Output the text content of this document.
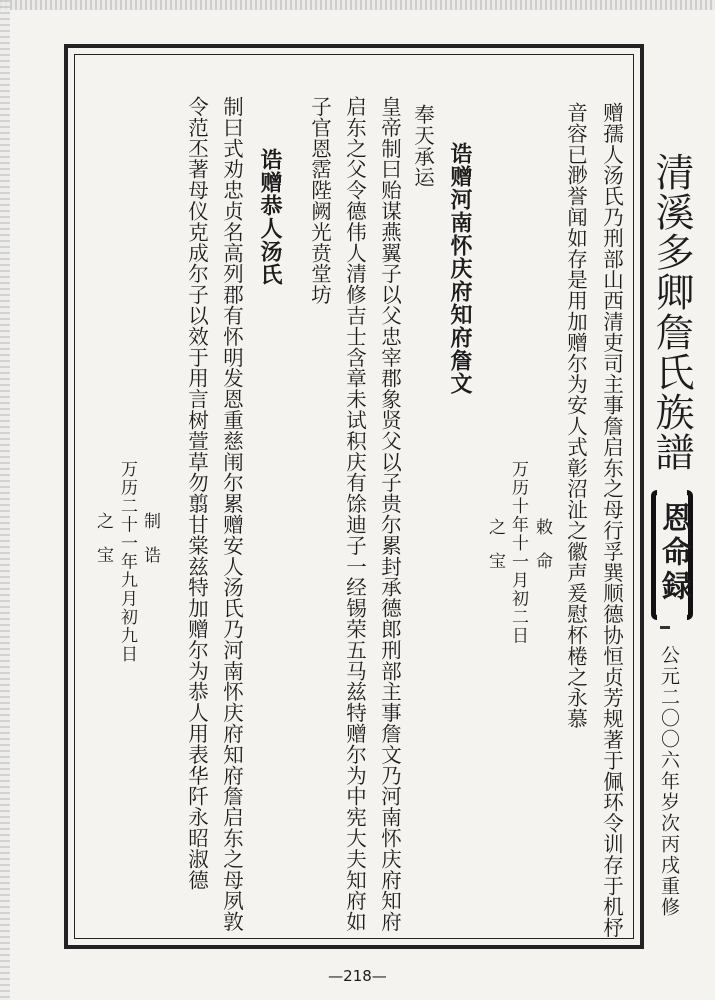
清溪多卿詹氏族譜
恩命録
公元二〇〇六年岁次丙戌重修
赠孺人汤氏乃刑部山西清吏司主事詹启东之母行孚巽顺德协恒贞芳规著于佩环令训存于机杼
音容已渺誉闻如存是用加赠尔为安人式彰沼沚之徽声爰慰杯棬之永慕
敕
命
万历十年十一月初二日
之
宝
诰赠河南怀庆府知府詹文
奉天承运
皇帝制曰贻谋燕翼子以父忠宰郡象贤父以子贵尔累封承德郎刑部主事詹文乃河南怀庆府知府
启东之父令德伟人清修吉士含章未试积庆有馀迪子一经锡荣五马兹特赠尔为中宪大夫知府如
子官恩霑陛阙光贲堂坊
诰赠恭人汤氏
制曰式劝忠贞名高列郡有怀明发恩重慈闱尔累赠安人汤氏乃河南怀庆府知府詹启东之母夙敦
令范丕著母仪克成尔子以效于用言树萱草勿翦甘棠兹特加赠尔为恭人用表华阡永昭淑德
制
诰
万历二十一年九月初九日
之
宝
—218—
